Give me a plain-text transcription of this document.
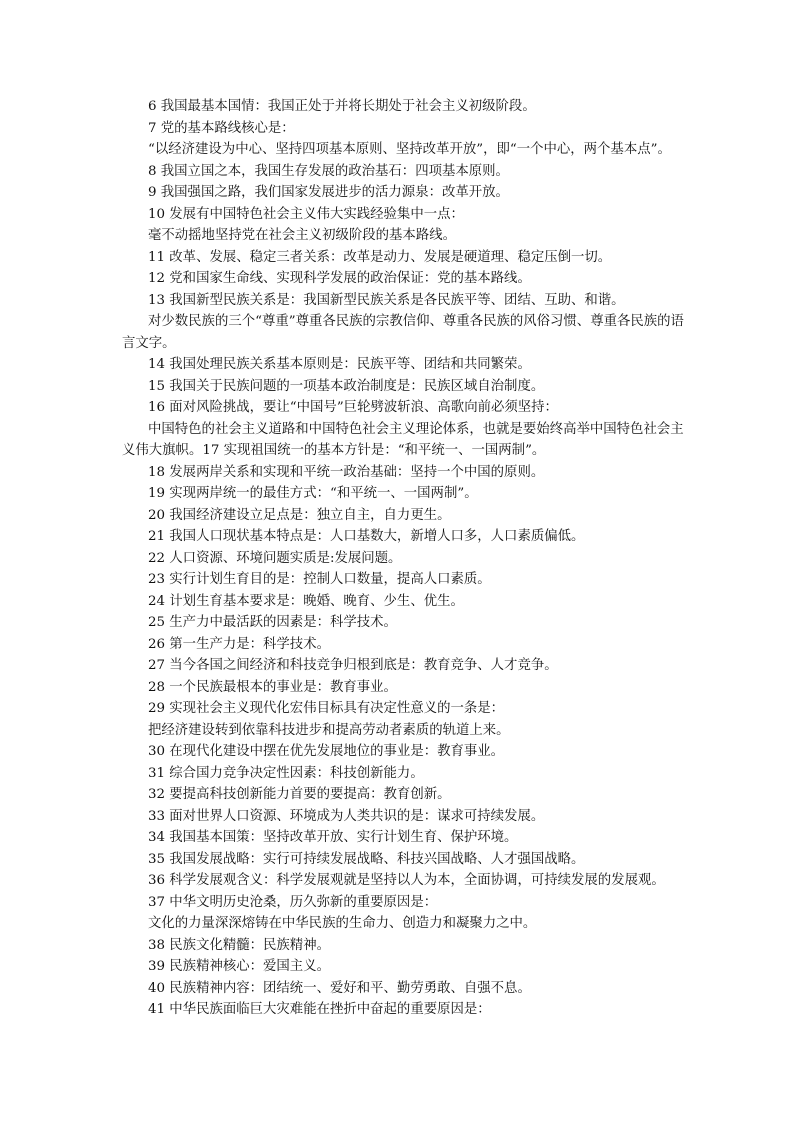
6 我国最基本国情：我国正处于并将长期处于社会主义初级阶段。

7 党的基本路线核心是：

“以经济建设为中心、坚持四项基本原则、坚持改革开放”，即“一个中心，两个基本点”。

8 我国立国之本，我国生存发展的政治基石：四项基本原则。

9 我国强国之路，我们国家发展进步的活力源泉：改革开放。

10 发展有中国特色社会主义伟大实践经验集中一点：

毫不动摇地坚持党在社会主义初级阶段的基本路线。

11 改革、发展、稳定三者关系：改革是动力、发展是硬道理、稳定压倒一切。

12 党和国家生命线、实现科学发展的政治保证：党的基本路线。

13 我国新型民族关系是：我国新型民族关系是各民族平等、团结、互助、和谐。

对少数民族的三个“尊重”尊重各民族的宗教信仰、尊重各民族的风俗习惯、尊重各民族的语言文字。

14 我国处理民族关系基本原则是：民族平等、团结和共同繁荣。

15 我国关于民族问题的一项基本政治制度是：民族区域自治制度。

16 面对风险挑战，要让“中国号”巨轮劈波斩浪、高歌向前必须坚持：

中国特色的社会主义道路和中国特色社会主义理论体系，也就是要始终高举中国特色社会主义伟大旗帜。17 实现祖国统一的基本方针是：“和平统一、一国两制”。

18 发展两岸关系和实现和平统一政治基础：坚持一个中国的原则。

19 实现两岸统一的最佳方式：“和平统一、一国两制”。

20 我国经济建设立足点是：独立自主，自力更生。

21 我国人口现状基本特点是：人口基数大，新增人口多，人口素质偏低。

22 人口资源、环境问题实质是:发展问题。

23 实行计划生育目的是：控制人口数量，提高人口素质。

24 计划生育基本要求是：晚婚、晚育、少生、优生。

25 生产力中最活跃的因素是：科学技术。

26 第一生产力是：科学技术。

27 当今各国之间经济和科技竞争归根到底是：教育竞争、人才竞争。

28 一个民族最根本的事业是：教育事业。

29 实现社会主义现代化宏伟目标具有决定性意义的一条是：

把经济建设转到依靠科技进步和提高劳动者素质的轨道上来。

30 在现代化建设中摆在优先发展地位的事业是：教育事业。

31 综合国力竞争决定性因素：科技创新能力。

32 要提高科技创新能力首要的要提高：教育创新。

33 面对世界人口资源、环境成为人类共识的是：谋求可持续发展。

34 我国基本国策：坚持改革开放、实行计划生育、保护环境。

35 我国发展战略：实行可持续发展战略、科技兴国战略、人才强国战略。

36 科学发展观含义：科学发展观就是坚持以人为本，全面协调，可持续发展的发展观。

37 中华文明历史沧桑，历久弥新的重要原因是：

文化的力量深深熔铸在中华民族的生命力、创造力和凝聚力之中。

38 民族文化精髓：民族精神。

39 民族精神核心：爱国主义。

40 民族精神内容：团结统一、爱好和平、勤劳勇敢、自强不息。

41 中华民族面临巨大灾难能在挫折中奋起的重要原因是：
